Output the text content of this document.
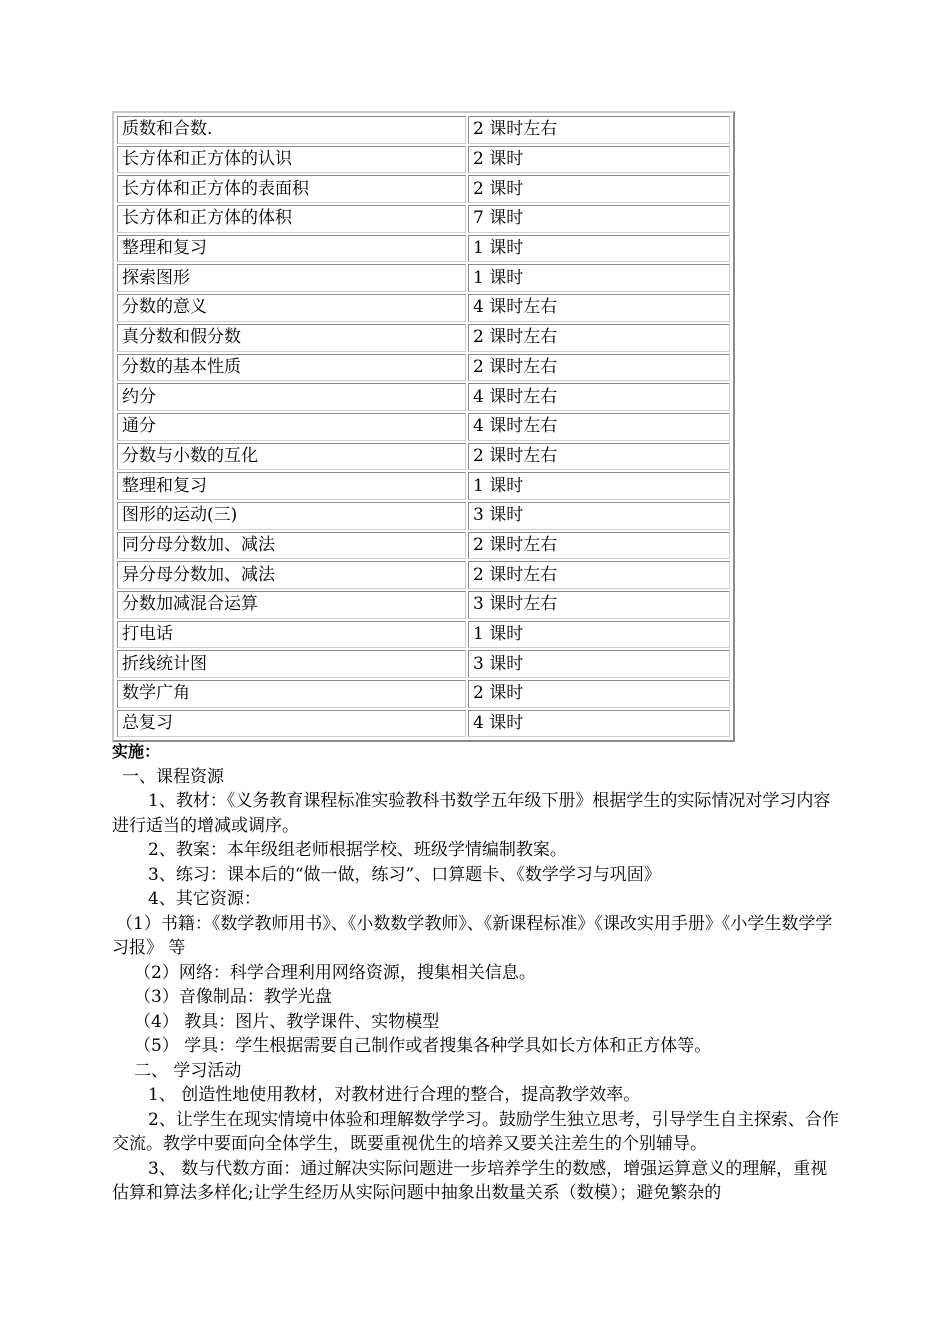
质数和合数.	2 课时左右
长方体和正方体的认识	2 课时
长方体和正方体的表面积	2 课时
长方体和正方体的体积	7 课时
整理和复习	1 课时
探索图形	1 课时
分数的意义	4 课时左右
真分数和假分数	2 课时左右
分数的基本性质	2 课时左右
约分	4 课时左右
通分	4 课时左右
分数与小数的互化	2 课时左右
整理和复习	1 课时
图形的运动(三)	3 课时
同分母分数加、减法	2 课时左右
异分母分数加、减法	2 课时左右
分数加减混合运算	3 课时左右
打电话	1 课时
折线统计图	3 课时
数学广角	2 课时
总复习	4 课时

实施：

一、课程资源

1、教材：《义务教育课程标准实验教科书数学五年级下册》根据学生的实际情况对学习内容进行适当的增减或调序。

2、教案：本年级组老师根据学校、班级学情编制教案。

3、练习：课本后的“做一做，练习”、口算题卡、《数学学习与巩固》

4、其它资源：

（1）书籍：《数学教师用书》、《小数数学教师》、《新课程标准》《课改实用手册》《小学生数学学习报》 等

（2）网络：科学合理利用网络资源，搜集相关信息。

（3）音像制品：教学光盘

（4） 教具：图片、教学课件、实物模型

（5） 学具：学生根据需要自己制作或者搜集各种学具如长方体和正方体等。

二、 学习活动

1、 创造性地使用教材，对教材进行合理的整合，提高教学效率。

2、让学生在现实情境中体验和理解数学学习。鼓励学生独立思考，引导学生自主探索、合作交流。教学中要面向全体学生，既要重视优生的培养又要关注差生的个别辅导。

3、 数与代数方面：通过解决实际问题进一步培养学生的数感，增强运算意义的理解，重视估算和算法多样化;让学生经历从实际问题中抽象出数量关系（数模）；避免繁杂的
